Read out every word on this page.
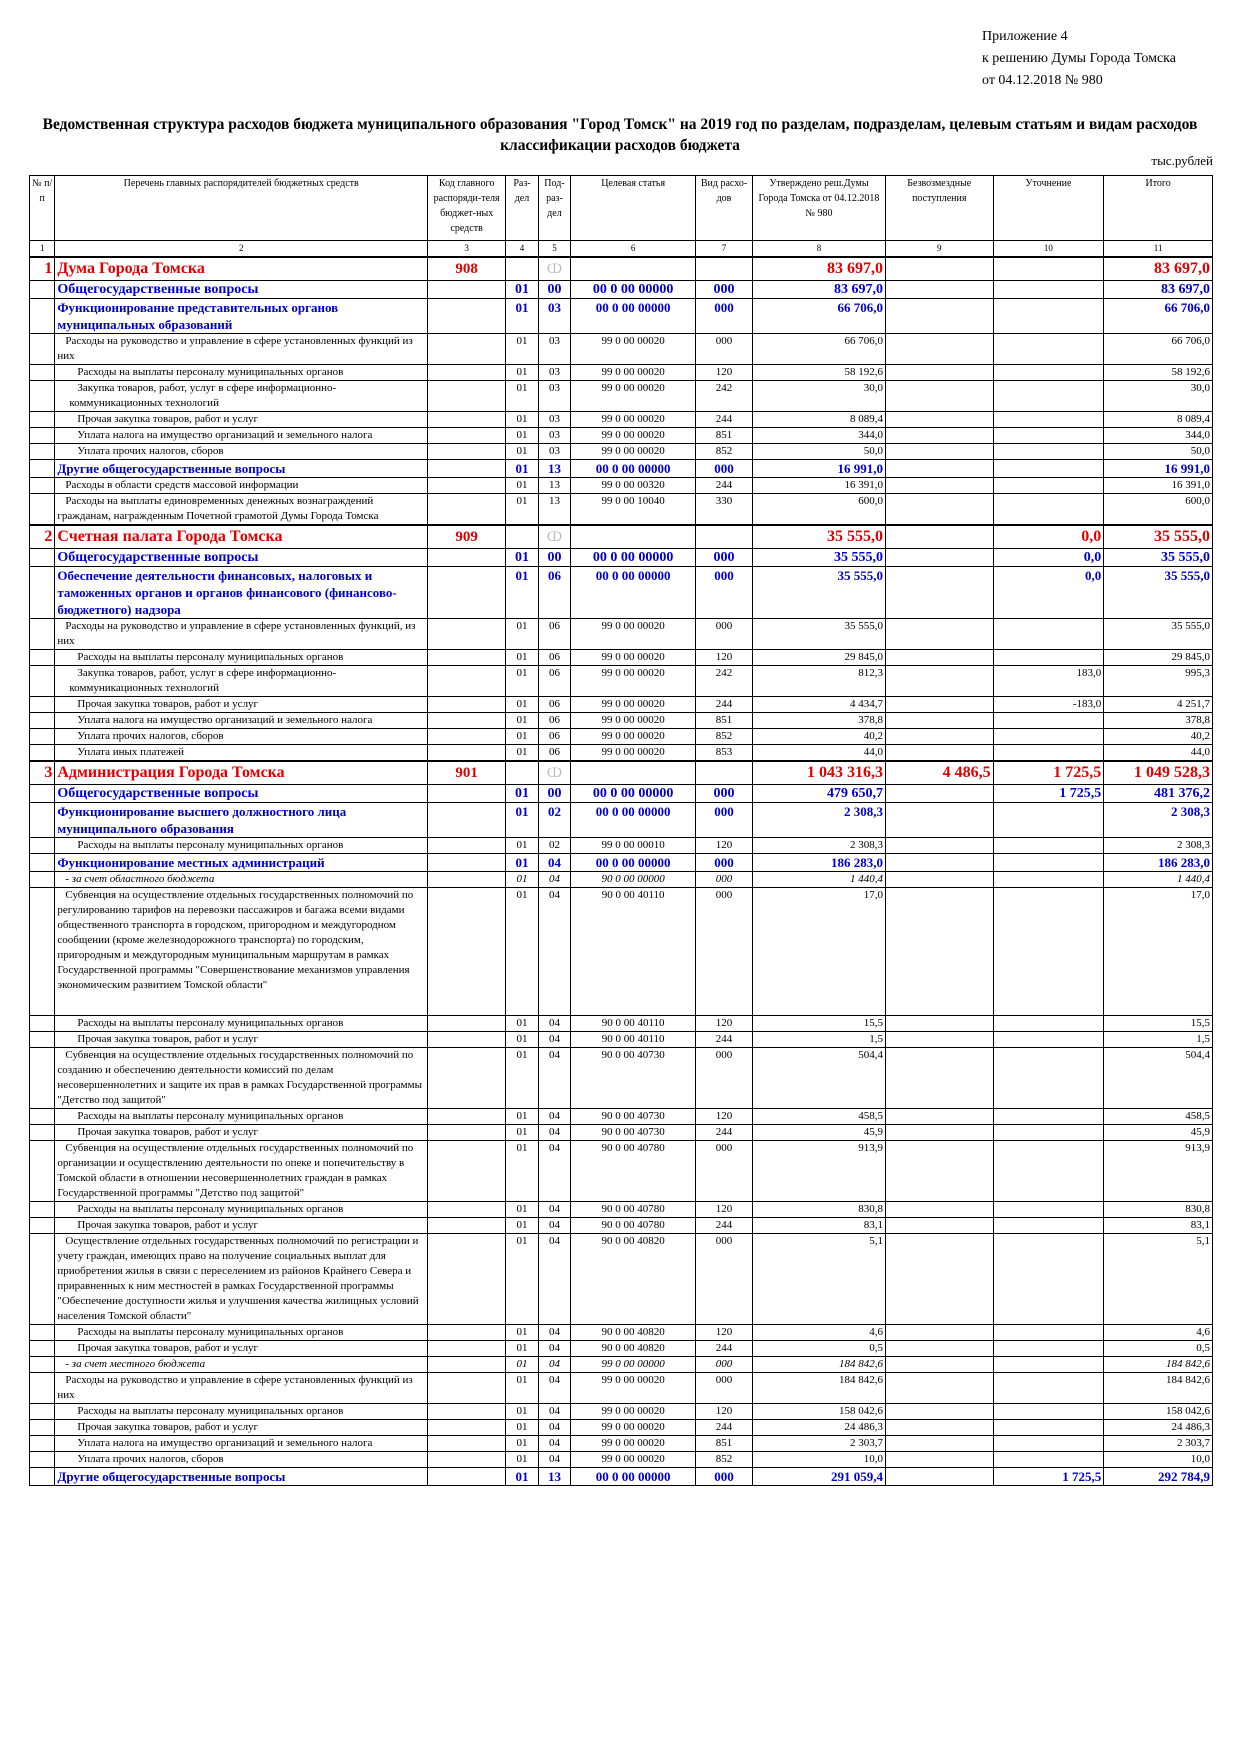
Приложение 4
к решению Думы Города Томска
от 04.12.2018 № 980
Ведомственная структура расходов бюджета муниципального образования "Город Томск" на 2019 год по разделам, подразделам, целевым статьям и видам расходов классификации расходов бюджета
тыс.рублей
№ п/п	Перечень главных распорядителей бюджетных средств	Код главного распоряди-теля бюджет-ных средств	Раз-дел	Под-раз-дел	Целевая статья	Вид расхо-дов	Утверждено реш.Думы Города Томска от 04.12.2018 № 980	Безвозмездные поступления	Уточнение	Итого
1	2	3	4	5	6	7	8	9	10	11
1	Дума Города Томска	908		ↀ			83 697,0			83 697,0
	Общегосударственные вопросы		01	00	00 0 00 00000	000	83 697,0			83 697,0
	Функционирование представительных органов муниципальных образований		01	03	00 0 00 00000	000	66 706,0			66 706,0
	Расходы на руководство и управление в сфере установленных функций из них		01	03	99 0 00 00020	000	66 706,0			66 706,0
	Расходы на выплаты персоналу муниципальных органов		01	03	99 0 00 00020	120	58 192,6			58 192,6
	Закупка товаров, работ, услуг в сфере информационно-коммуникационных технологий		01	03	99 0 00 00020	242	30,0			30,0
	Прочая закупка товаров, работ и услуг		01	03	99 0 00 00020	244	8 089,4			8 089,4
	Уплата налога на имущество организаций и земельного налога		01	03	99 0 00 00020	851	344,0			344,0
	Уплата прочих налогов, сборов		01	03	99 0 00 00020	852	50,0			50,0
	Другие общегосударственные вопросы		01	13	00 0 00 00000	000	16 991,0			16 991,0
	Расходы в области средств массовой информации		01	13	99 0 00 00320	244	16 391,0			16 391,0
	Расходы на выплаты единовременных денежных вознаграждений гражданам, награжденным Почетной грамотой Думы Города Томска		01	13	99 0 00 10040	330	600,0			600,0
2	Счетная палата Города Томска	909		ↀ			35 555,0		0,0	35 555,0
	Общегосударственные вопросы		01	00	00 0 00 00000	000	35 555,0		0,0	35 555,0
	Обеспечение деятельности финансовых, налоговых и таможенных органов и органов финансового (финансово-бюджетного) надзора		01	06	00 0 00 00000	000	35 555,0		0,0	35 555,0
	Расходы на руководство и управление в сфере установленных функций, из них		01	06	99 0 00 00020	000	35 555,0			35 555,0
	Расходы на выплаты персоналу муниципальных органов		01	06	99 0 00 00020	120	29 845,0			29 845,0
	Закупка товаров, работ, услуг в сфере информационно-коммуникационных технологий		01	06	99 0 00 00020	242	812,3		183,0	995,3
	Прочая закупка товаров, работ и услуг		01	06	99 0 00 00020	244	4 434,7		-183,0	4 251,7
	Уплата налога на имущество организаций и земельного налога		01	06	99 0 00 00020	851	378,8			378,8
	Уплата прочих налогов, сборов		01	06	99 0 00 00020	852	40,2			40,2
	Уплата иных платежей		01	06	99 0 00 00020	853	44,0			44,0
3	Администрация Города Томска	901		ↀ			1 043 316,3	4 486,5	1 725,5	1 049 528,3
	Общегосударственные вопросы		01	00	00 0 00 00000	000	479 650,7		1 725,5	481 376,2
	Функционирование высшего должностного лица муниципального образования		01	02	00 0 00 00000	000	2 308,3			2 308,3
	Расходы на выплаты персоналу муниципальных органов		01	02	99 0 00 00010	120	2 308,3			2 308,3
	Функционирование местных администраций		01	04	00 0 00 00000	000	186 283,0			186 283,0
	- за счет областного бюджета		01	04	90 0 00 00000	000	1 440,4			1 440,4
	Субвенция на осуществление отдельных государственных полномочий по регулированию тарифов на перевозки пассажиров и багажа всеми видами общественного транспорта в городском, пригородном и междугородном сообщении (кроме железнодорожного транспорта) по городским, пригородным и междугородным муниципальным маршрутам в рамках Государственной программы "Совершенствование механизмов управления экономическим развитием Томской области"		01	04	90 0 00 40110	000	17,0			17,0
	Расходы на выплаты персоналу муниципальных органов		01	04	90 0 00 40110	120	15,5			15,5
	Прочая закупка товаров, работ и услуг		01	04	90 0 00 40110	244	1,5			1,5
	Субвенция на осуществление отдельных государственных полномочий по созданию и обеспечению деятельности комиссий по делам несовершеннолетних и защите их прав в рамках Государственной программы "Детство под защитой"		01	04	90 0 00 40730	000	504,4			504,4
	Расходы на выплаты персоналу муниципальных органов		01	04	90 0 00 40730	120	458,5			458,5
	Прочая закупка товаров, работ и услуг		01	04	90 0 00 40730	244	45,9			45,9
	Субвенция на осуществление отдельных государственных полномочий по организации и осуществлению деятельности по опеке и попечительству в Томской области в отношении несовершеннолетних граждан в рамках Государственной программы "Детство под защитой"		01	04	90 0 00 40780	000	913,9			913,9
	Расходы на выплаты персоналу муниципальных органов		01	04	90 0 00 40780	120	830,8			830,8
	Прочая закупка товаров, работ и услуг		01	04	90 0 00 40780	244	83,1			83,1
	Осуществление отдельных государственных полномочий по регистрации и учету граждан, имеющих право на получение социальных выплат для приобретения жилья в связи с переселением из районов Крайнего Севера и приравненных к ним местностей в рамках Государственной программы "Обеспечение доступности жилья и улучшения качества жилищных условий населения Томской области"		01	04	90 0 00 40820	000	5,1			5,1
	Расходы на выплаты персоналу муниципальных органов		01	04	90 0 00 40820	120	4,6			4,6
	Прочая закупка товаров, работ и услуг		01	04	90 0 00 40820	244	0,5			0,5
	- за счет местного бюджета		01	04	99 0 00 00000	000	184 842,6			184 842,6
	Расходы на руководство и управление в сфере установленных функций из них		01	04	99 0 00 00020	000	184 842,6			184 842,6
	Расходы на выплаты персоналу муниципальных органов		01	04	99 0 00 00020	120	158 042,6			158 042,6
	Прочая закупка товаров, работ и услуг		01	04	99 0 00 00020	244	24 486,3			24 486,3
	Уплата налога на имущество организаций и земельного налога		01	04	99 0 00 00020	851	2 303,7			2 303,7
	Уплата прочих налогов, сборов		01	04	99 0 00 00020	852	10,0			10,0
	Другие общегосударственные вопросы		01	13	00 0 00 00000	000	291 059,4		1 725,5	292 784,9
